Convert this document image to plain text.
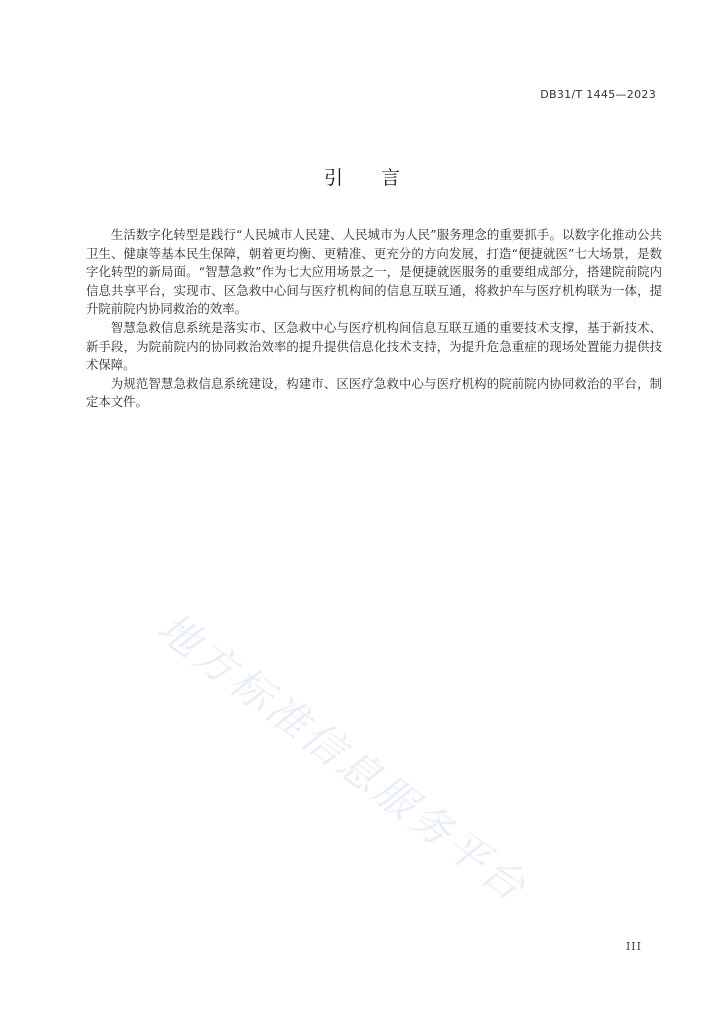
DB31/T 1445—2023
引言

生活数字化转型是践行“人民城市人民建、人民城市为人民”服务理念的重要抓手。以数字化推动公共卫生、健康等基本民生保障，朝着更均衡、更精准、更充分的方向发展，打造“便捷就医”七大场景，是数字化转型的新局面。“智慧急救”作为七大应用场景之一，是便捷就医服务的重要组成部分，搭建院前院内信息共享平台，实现市、区急救中心间与医疗机构间的信息互联互通，将救护车与医疗机构联为一体，提升院前院内协同救治的效率。

智慧急救信息系统是落实市、区急救中心与医疗机构间信息互联互通的重要技术支撑，基于新技术、新手段，为院前院内的协同救治效率的提升提供信息化技术支持，为提升危急重症的现场处置能力提供技术保障。

为规范智慧急救信息系统建设，构建市、区医疗急救中心与医疗机构的院前院内协同救治的平台，制定本文件。

地方标准信息服务平台
III
